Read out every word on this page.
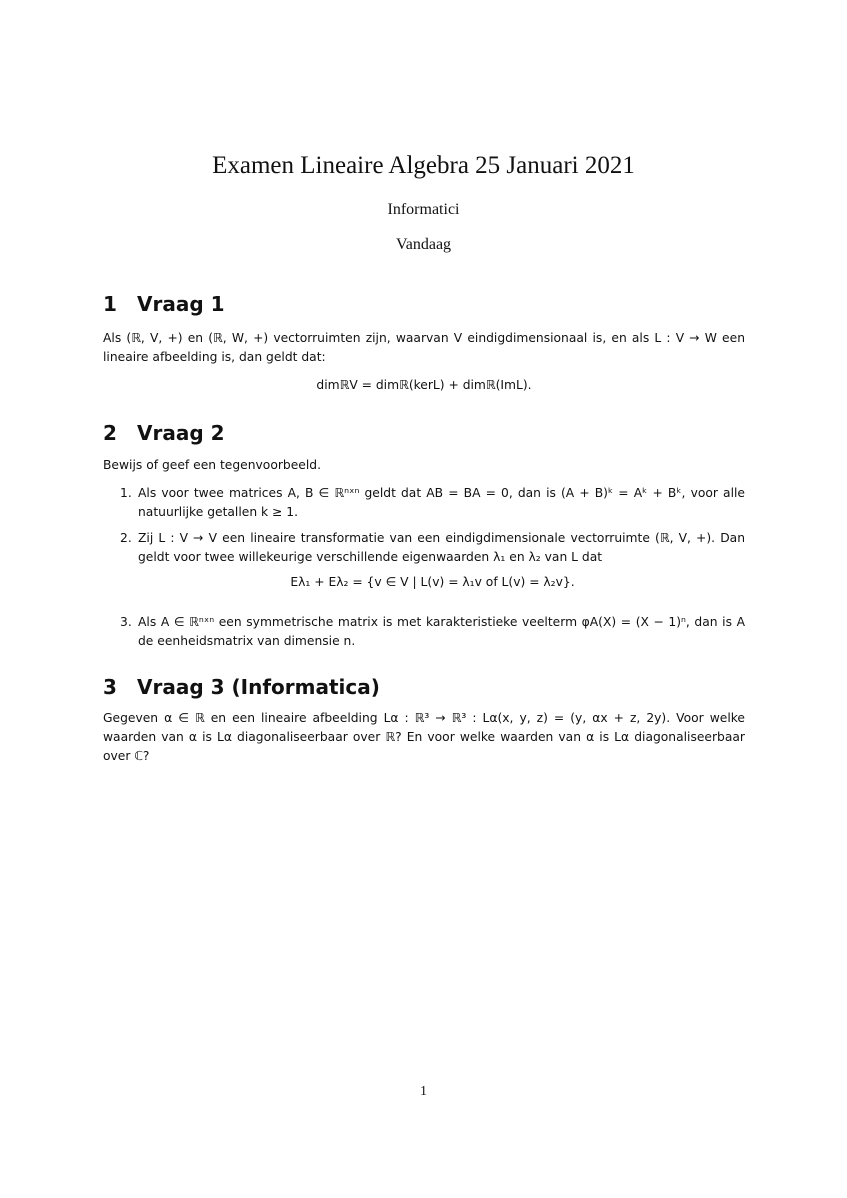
Examen Lineaire Algebra 25 Januari 2021
Informatici
Vandaag
1 Vraag 1

Als (ℝ, V, +) en (ℝ, W, +) vectorruimten zijn, waarvan V eindigdimensionaal is, en als L : V → W een lineaire afbeelding is, dan geldt dat:

dimℝV = dimℝ(kerL) + dimℝ(ImL).
2 Vraag 2

Bewijs of geef een tegenvoorbeeld.

1. Als voor twee matrices A, B ∈ ℝⁿˣⁿ geldt dat AB = BA = 0, dan is (A + B)ᵏ = Aᵏ + Bᵏ, voor alle natuurlijke getallen k ≥ 1.
2. Zij L : V → V een lineaire transformatie van een eindigdimensionale vectorruimte (ℝ, V, +). Dan geldt voor twee willekeurige verschillende eigenwaarden λ₁ en λ₂ van L dat
Eλ₁ + Eλ₂ = {v ∈ V | L(v) = λ₁v of L(v) = λ₂v}.
3. Als A ∈ ℝⁿˣⁿ een symmetrische matrix is met karakteristieke veelterm φA(X) = (X − 1)ⁿ, dan is A de eenheidsmatrix van dimensie n.
3 Vraag 3 (Informatica)

Gegeven α ∈ ℝ en een lineaire afbeelding Lα : ℝ³ → ℝ³ : Lα(x, y, z) = (y, αx + z, 2y). Voor welke waarden van α is Lα diagonaliseerbaar over ℝ? En voor welke waarden van α is Lα diagonaliseerbaar over ℂ?

1
